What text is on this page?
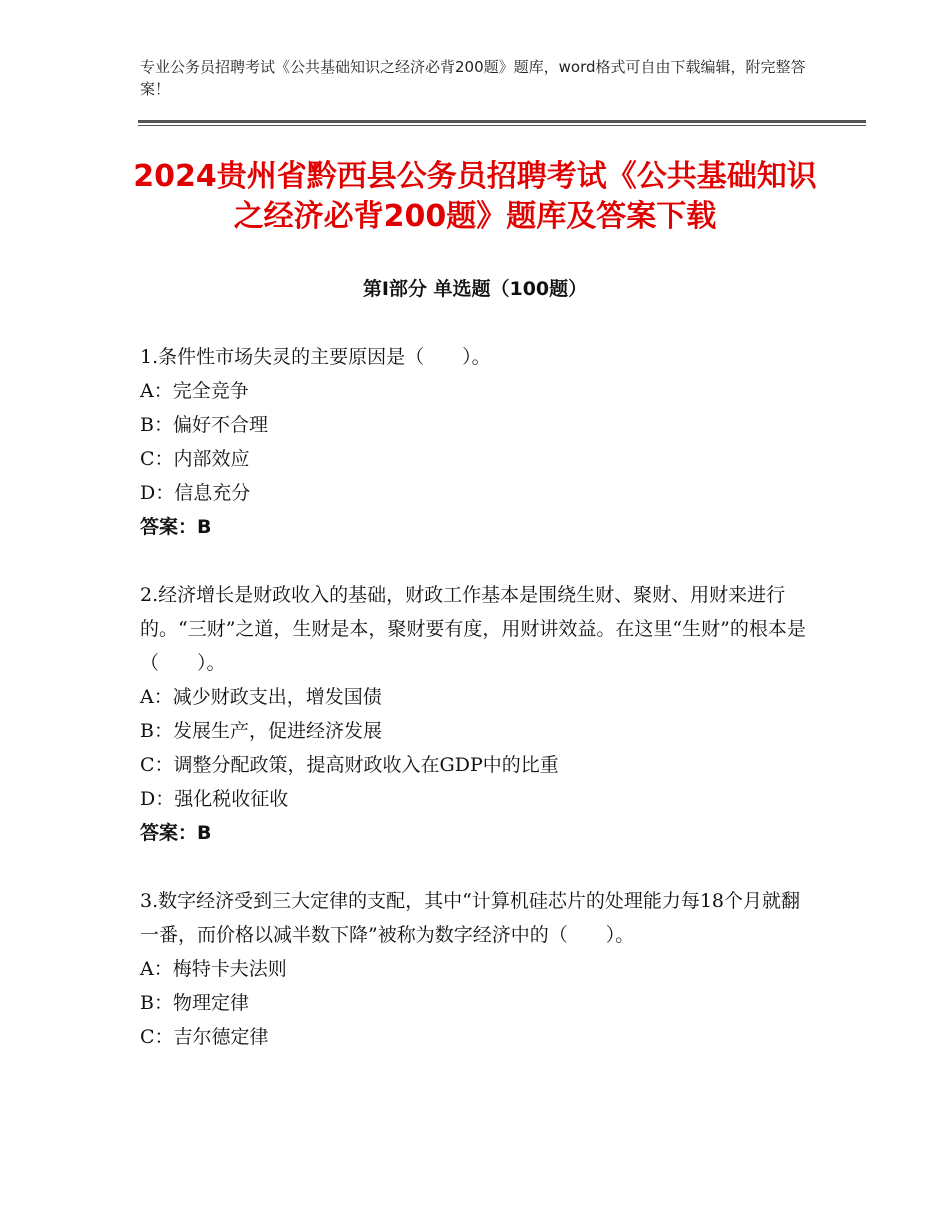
专业公务员招聘考试《公共基础知识之经济必背200题》题库，word格式可自由下载编辑，附完整答案！
2024贵州省黔西县公务员招聘考试《公共基础知识之经济必背200题》题库及答案下载
第Ⅰ部分 单选题（100题）
1.条件性市场失灵的主要原因是（　　）。
A：完全竞争
B：偏好不合理
C：内部效应
D：信息充分
答案：B
2.经济增长是财政收入的基础，财政工作基本是围绕生财、聚财、用财来进行的。“三财”之道，生财是本，聚财要有度，用财讲效益。在这里“生财”的根本是（　　）。
A：减少财政支出，增发国债
B：发展生产，促进经济发展
C：调整分配政策，提高财政收入在GDP中的比重
D：强化税收征收
答案：B
3.数字经济受到三大定律的支配，其中“计算机硅芯片的处理能力每18个月就翻一番，而价格以减半数下降”被称为数字经济中的（　　）。
A：梅特卡夫法则
B：物理定律
C：吉尔德定律
